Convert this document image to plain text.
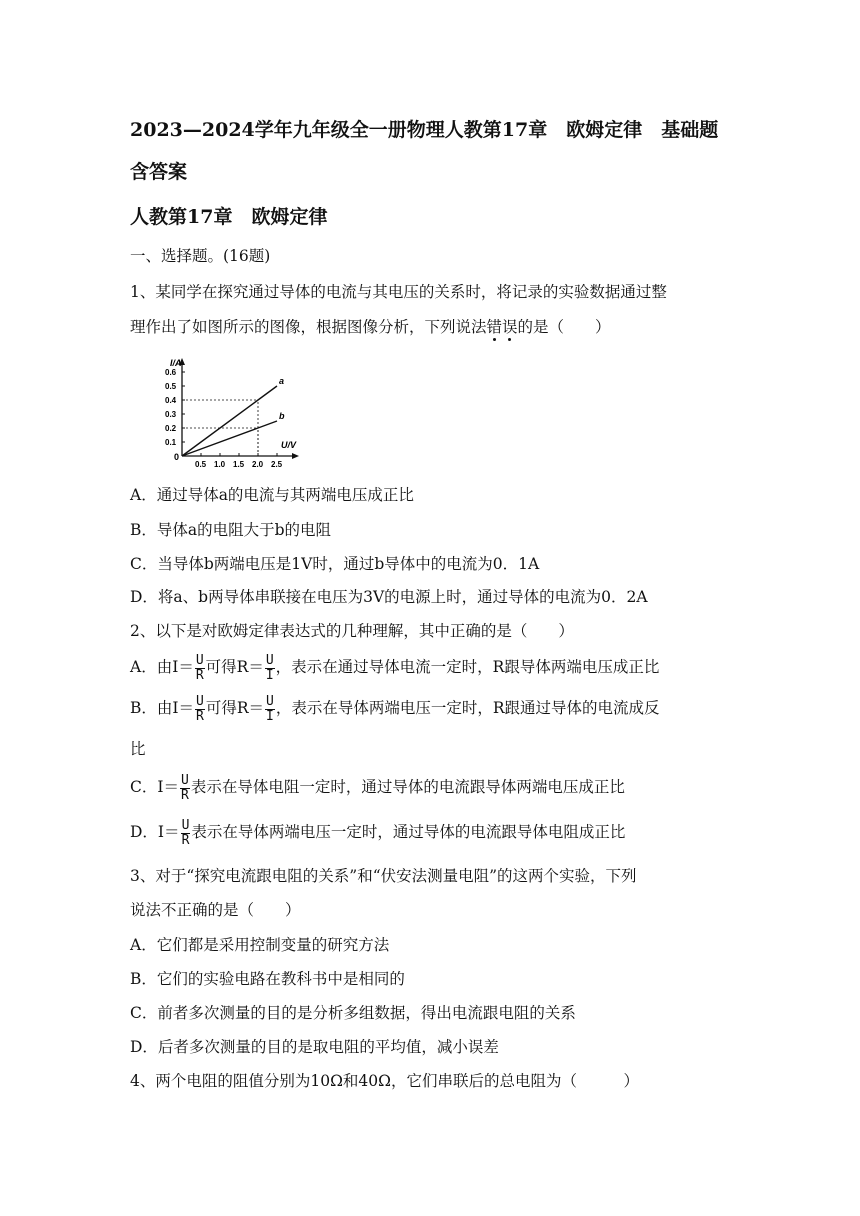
2023—2024学年九年级全一册物理人教第17章　欧姆定律　基础题
含答案
人教第17章　欧姆定律
一、选择题。(16题)
1、某同学在探究通过导体的电流与其电压的关系时，将记录的实验数据通过整
理作出了如图所示的图像，根据图像分析，下列说法错误的是（　　）
I/A
U/V
0
0.1
0.2
0.3
0.4
0.5
0.6
0.5 1.0 1.5 2.0 2.5
a
b
A．通过导体a的电流与其两端电压成正比
B．导体a的电阻大于b的电阻
C．当导体b两端电压是1V时，通过b导体中的电流为0．1A
D．将a、b两导体串联接在电压为3V的电源上时，通过导体的电流为0．2A
2、以下是对欧姆定律表达式的几种理解，其中正确的是（　　）
A．由$I= \frac{U}{R}$ 可得$R= \frac{U}{I}$ ，表示在通过导体电流一定时，R跟导体两端电压成正比
B．由$I= \frac{U}{R}$ 可得$R= \frac{U}{I}$ ，表示在导体两端电压一定时，R跟通过导体的电流成反
比
C．$I= \frac{U}{R}$ 表示在导体电阻一定时，通过导体的电流跟导体两端电压成正比
D．$I= \frac{U}{R}$ 表示在导体两端电压一定时，通过导体的电流跟导体电阻成正比
3、对于“探究电流跟电阻的关系”和“伏安法测量电阻”的这两个实验，下列
说法不正确的是（　　）
A．它们都是采用控制变量的研究方法
B．它们的实验电路在教科书中是相同的
C．前者多次测量的目的是分析多组数据，得出电流跟电阻的关系
D．后者多次测量的目的是取电阻的平均值，减小误差
4、两个电阻的阻值分别为10Ω和40Ω，它们串联后的总电阻为（　　　）
